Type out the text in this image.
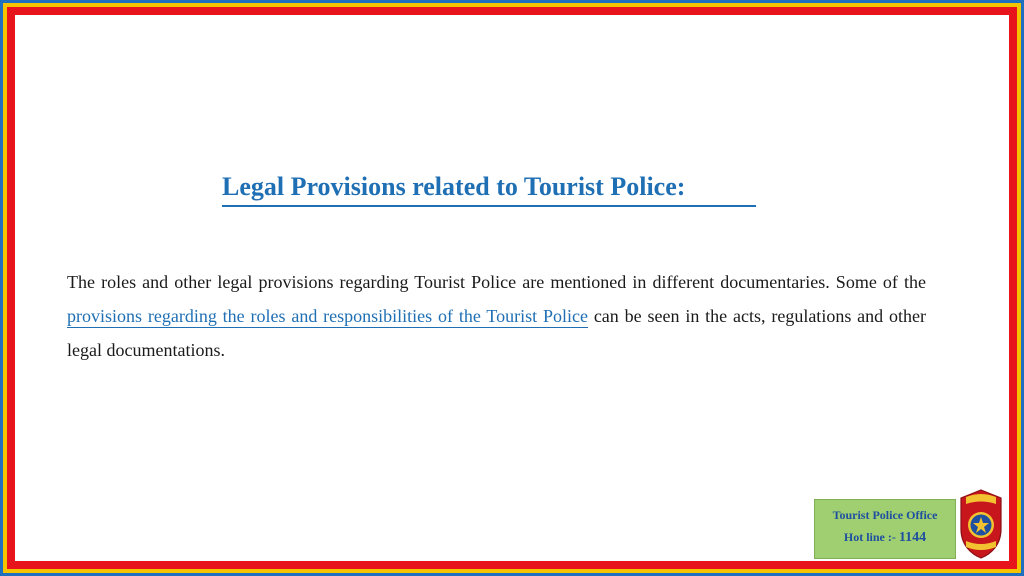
Legal Provisions related to Tourist Police:

The roles and other legal provisions regarding Tourist Police are mentioned in different documentaries. Some of the provisions regarding the roles and responsibilities of the Tourist Police can be seen in the acts, regulations and other legal documentations.

Tourist Police Office
Hot line :- 1144
